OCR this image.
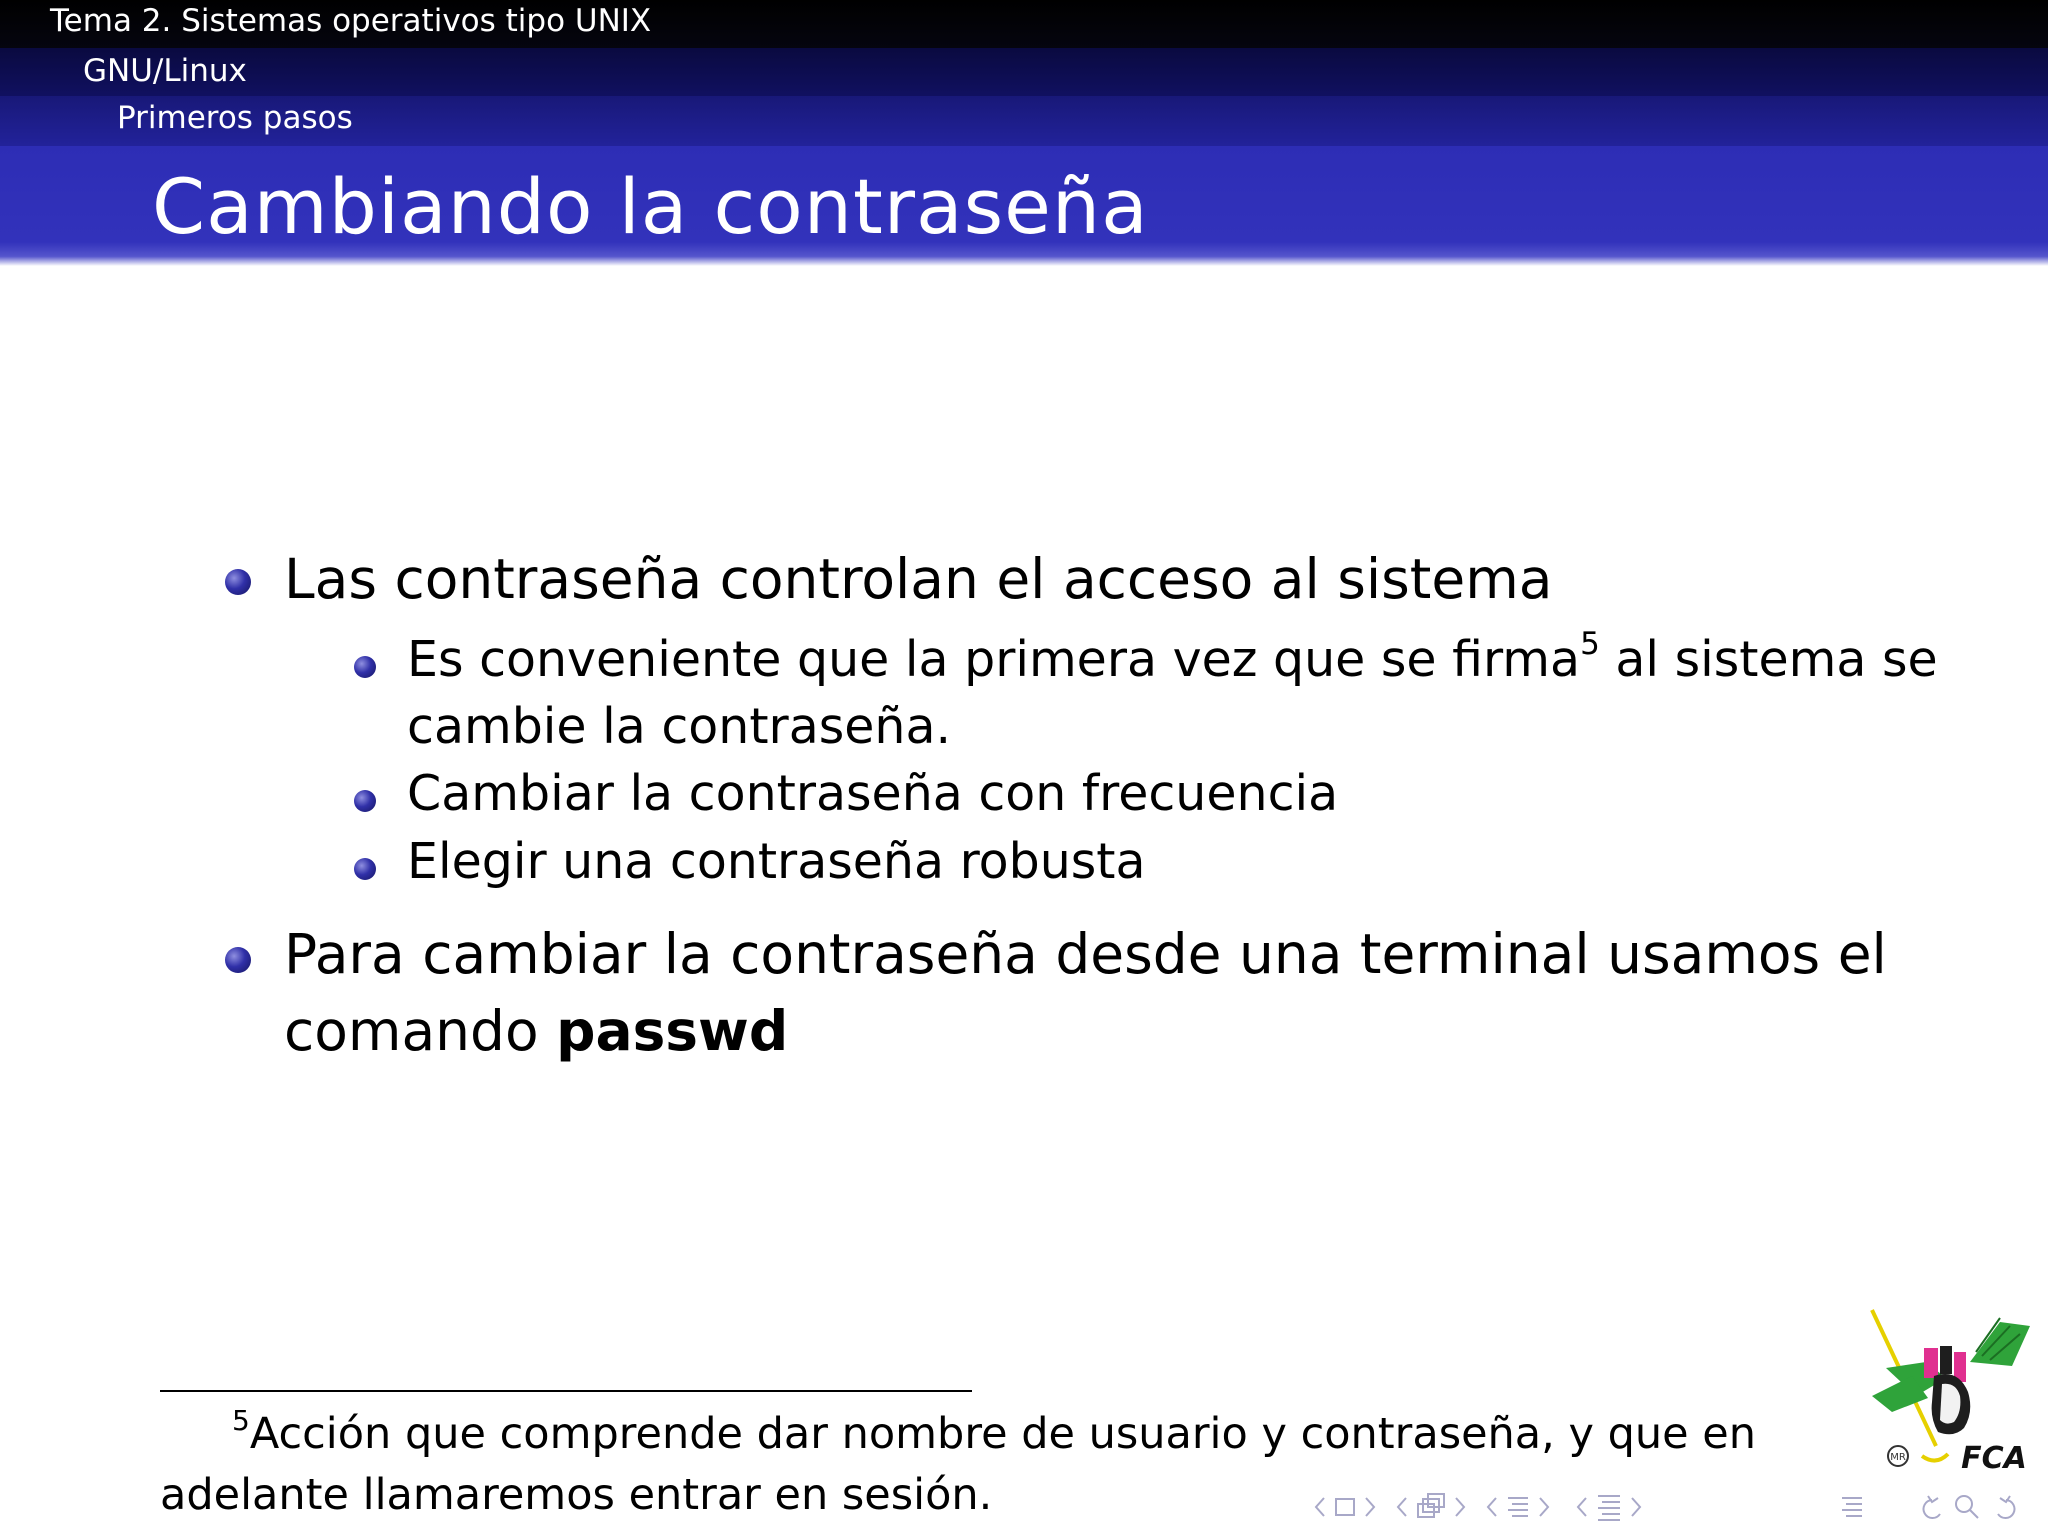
Tema 2. Sistemas operativos tipo UNIX
GNU/Linux
Primeros pasos
Cambiando la contraseña
Las contraseña controlan el acceso al sistema
Es conveniente que la primera vez que se firma$^5$ al sistema se
cambie la contraseña.
Cambiar la contraseña con frecuencia
Elegir una contraseña robusta
Para cambiar la contraseña desde una terminal usamos el
comando passwd
$^5$Acción que comprende dar nombre de usuario y contraseña, y que en
adelante llamaremos entrar en sesión.
MR FCA
